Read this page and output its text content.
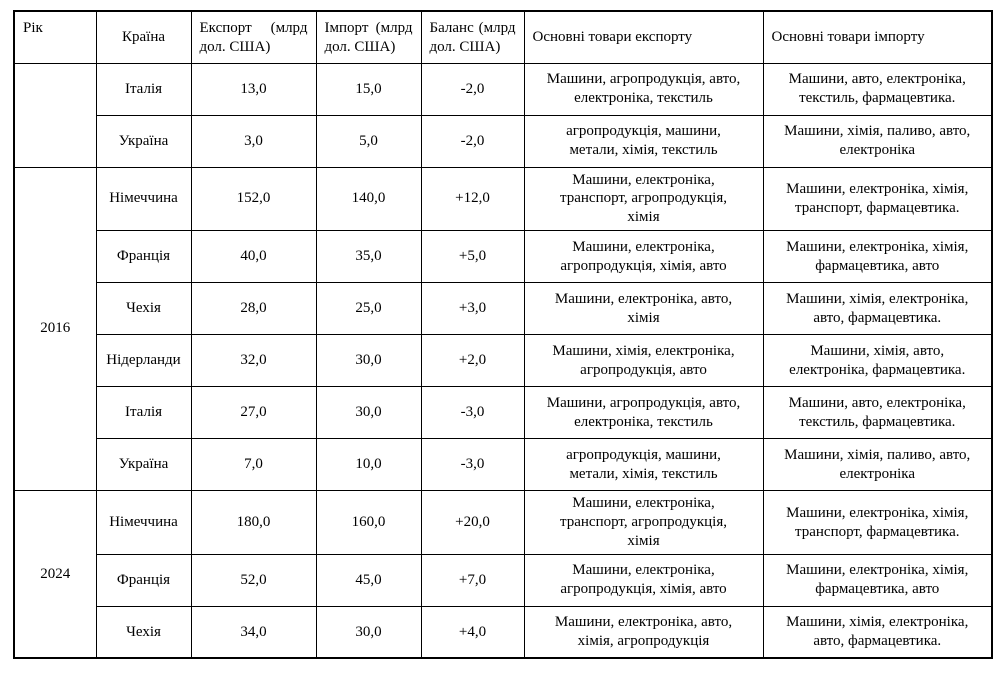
Рік	Країна	Експорт (млрд дол. США)	Імпорт (млрд дол. США)	Баланс (млрд дол. США)	Основні товари експорту	Основні товари імпорту
	Італія	13,0	15,0	-2,0	Машини, агропродукція, авто, електроніка, текстиль	Машини, авто, електроніка, текстиль, фармацевтика.
	Україна	3,0	5,0	-2,0	агропродукція, машини, метали, хімія, текстиль	Машини, хімія, паливо, авто, електроніка
2016	Німеччина	152,0	140,0	+12,0	Машини, електроніка, транспорт, агропродукція, хімія	Машини, електроніка, хімія, транспорт, фармацевтика.
	Франція	40,0	35,0	+5,0	Машини, електроніка, агропродукція, хімія, авто	Машини, електроніка, хімія, фармацевтика, авто
	Чехія	28,0	25,0	+3,0	Машини, електроніка, авто, хімія	Машини, хімія, електроніка, авто, фармацевтика.
	Нідерланди	32,0	30,0	+2,0	Машини, хімія, електроніка, агропродукція, авто	Машини, хімія, авто, електроніка, фармацевтика.
	Італія	27,0	30,0	-3,0	Машини, агропродукція, авто, електроніка, текстиль	Машини, авто, електроніка, текстиль, фармацевтика.
	Україна	7,0	10,0	-3,0	агропродукція, машини, метали, хімія, текстиль	Машини, хімія, паливо, авто, електроніка
2024	Німеччина	180,0	160,0	+20,0	Машини, електроніка, транспорт, агропродукція, хімія	Машини, електроніка, хімія, транспорт, фармацевтика.
	Франція	52,0	45,0	+7,0	Машини, електроніка, агропродукція, хімія, авто	Машини, електроніка, хімія, фармацевтика, авто
	Чехія	34,0	30,0	+4,0	Машини, електроніка, авто, хімія, агропродукція	Машини, хімія, електроніка, авто, фармацевтика.
